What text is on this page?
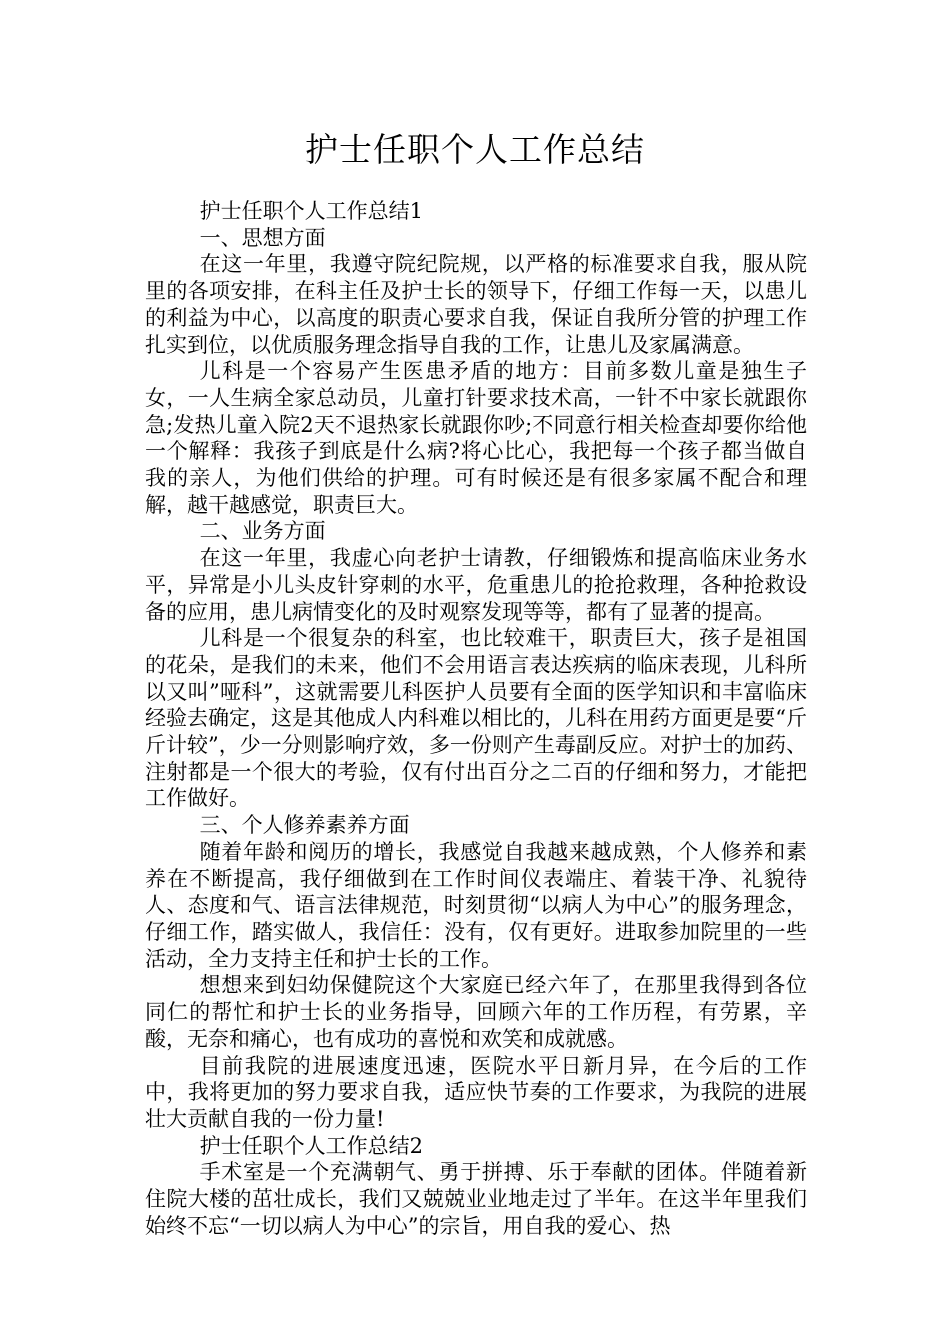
护士任职个人工作总结

护士任职个人工作总结1

一、思想方面

在这一年里，我遵守院纪院规，以严格的标准要求自我，服从院里的各项安排，在科主任及护士长的领导下，仔细工作每一天，以患儿的利益为中心，以高度的职责心要求自我，保证自我所分管的护理工作扎实到位，以优质服务理念指导自我的工作，让患儿及家属满意。

儿科是一个容易产生医患矛盾的地方：目前多数儿童是独生子女，一人生病全家总动员，儿童打针要求技术高，一针不中家长就跟你急;发热儿童入院2天不退热家长就跟你吵;不同意行相关检查却要你给他一个解释：我孩子到底是什么病?将心比心，我把每一个孩子都当做自我的亲人，为他们供给的护理。可有时候还是有很多家属不配合和理解，越干越感觉，职责巨大。

二、业务方面

在这一年里，我虚心向老护士请教，仔细锻炼和提高临床业务水平，异常是小儿头皮针穿刺的水平，危重患儿的抢抢救理，各种抢救设备的应用，患儿病情变化的及时观察发现等等，都有了显著的提高。

儿科是一个很复杂的科室，也比较难干，职责巨大，孩子是祖国的花朵，是我们的未来，他们不会用语言表达疾病的临床表现，儿科所以又叫”哑科”，这就需要儿科医护人员要有全面的医学知识和丰富临床经验去确定，这是其他成人内科难以相比的，儿科在用药方面更是要“斤斤计较”，少一分则影响疗效，多一份则产生毒副反应。对护士的加药、注射都是一个很大的考验，仅有付出百分之二百的仔细和努力，才能把工作做好。

三、个人修养素养方面

随着年龄和阅历的增长，我感觉自我越来越成熟，个人修养和素养在不断提高，我仔细做到在工作时间仪表端庄、着装干净、礼貌待人、态度和气、语言法律规范，时刻贯彻“以病人为中心”的服务理念，仔细工作，踏实做人，我信任：没有，仅有更好。进取参加院里的一些活动，全力支持主任和护士长的工作。

想想来到妇幼保健院这个大家庭已经六年了，在那里我得到各位同仁的帮忙和护士长的业务指导，回顾六年的工作历程，有劳累，辛酸，无奈和痛心，也有成功的喜悦和欢笑和成就感。

目前我院的进展速度迅速，医院水平日新月异，在今后的工作中，我将更加的努力要求自我，适应快节奏的工作要求，为我院的进展壮大贡献自我的一份力量!

护士任职个人工作总结2

手术室是一个充满朝气、勇于拼搏、乐于奉献的团体。伴随着新住院大楼的茁壮成长，我们又兢兢业业地走过了半年。在这半年里我们始终不忘“一切以病人为中心”的宗旨，用自我的爱心、热
